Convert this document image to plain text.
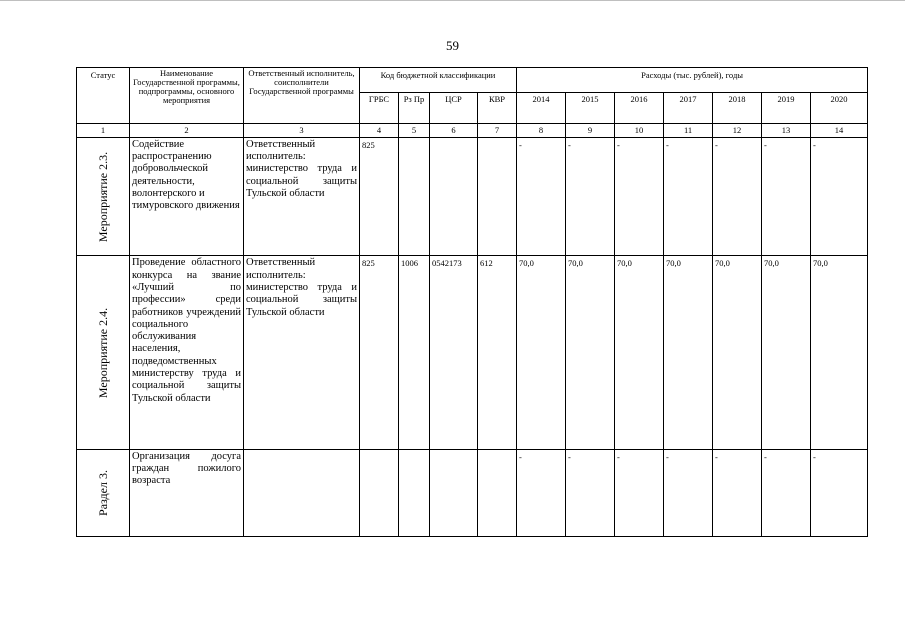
59
Статус	Наименование Государственной программы, подпрограммы, основного мероприятия	Ответственный исполнитель, соисполнители Государственной программы	Код бюджетной классификации				Расходы (тыс. рублей), годы						
			ГРБС	Рз Пр	ЦСР	КВР	2014	2015	2016	2017	2018	2019	2020
1	2	3	4	5	6	7	8	9	10	11	12	13	14

Мероприятие 2.3.	Содействие распространению добровольческой деятельности, волонтерского и тимуровского движения	Ответственный исполнитель: министерство труда и социальной защиты Тульской области	825				-	-	-	-	-	-	-

Мероприятие 2.4.	Проведение областного конкурса на звание «Лучший по профессии» среди работников учреждений социального обслуживания населения, подведомственных министерству труда и социальной защиты Тульской области	Ответственный исполнитель: министерство труда и социальной защиты Тульской области	825	1006	0542173	612	70,0	70,0	70,0	70,0	70,0	70,0	70,0

Раздел 3.	Организация досуга граждан пожилого возраста						-	-	-	-	-	-	-
